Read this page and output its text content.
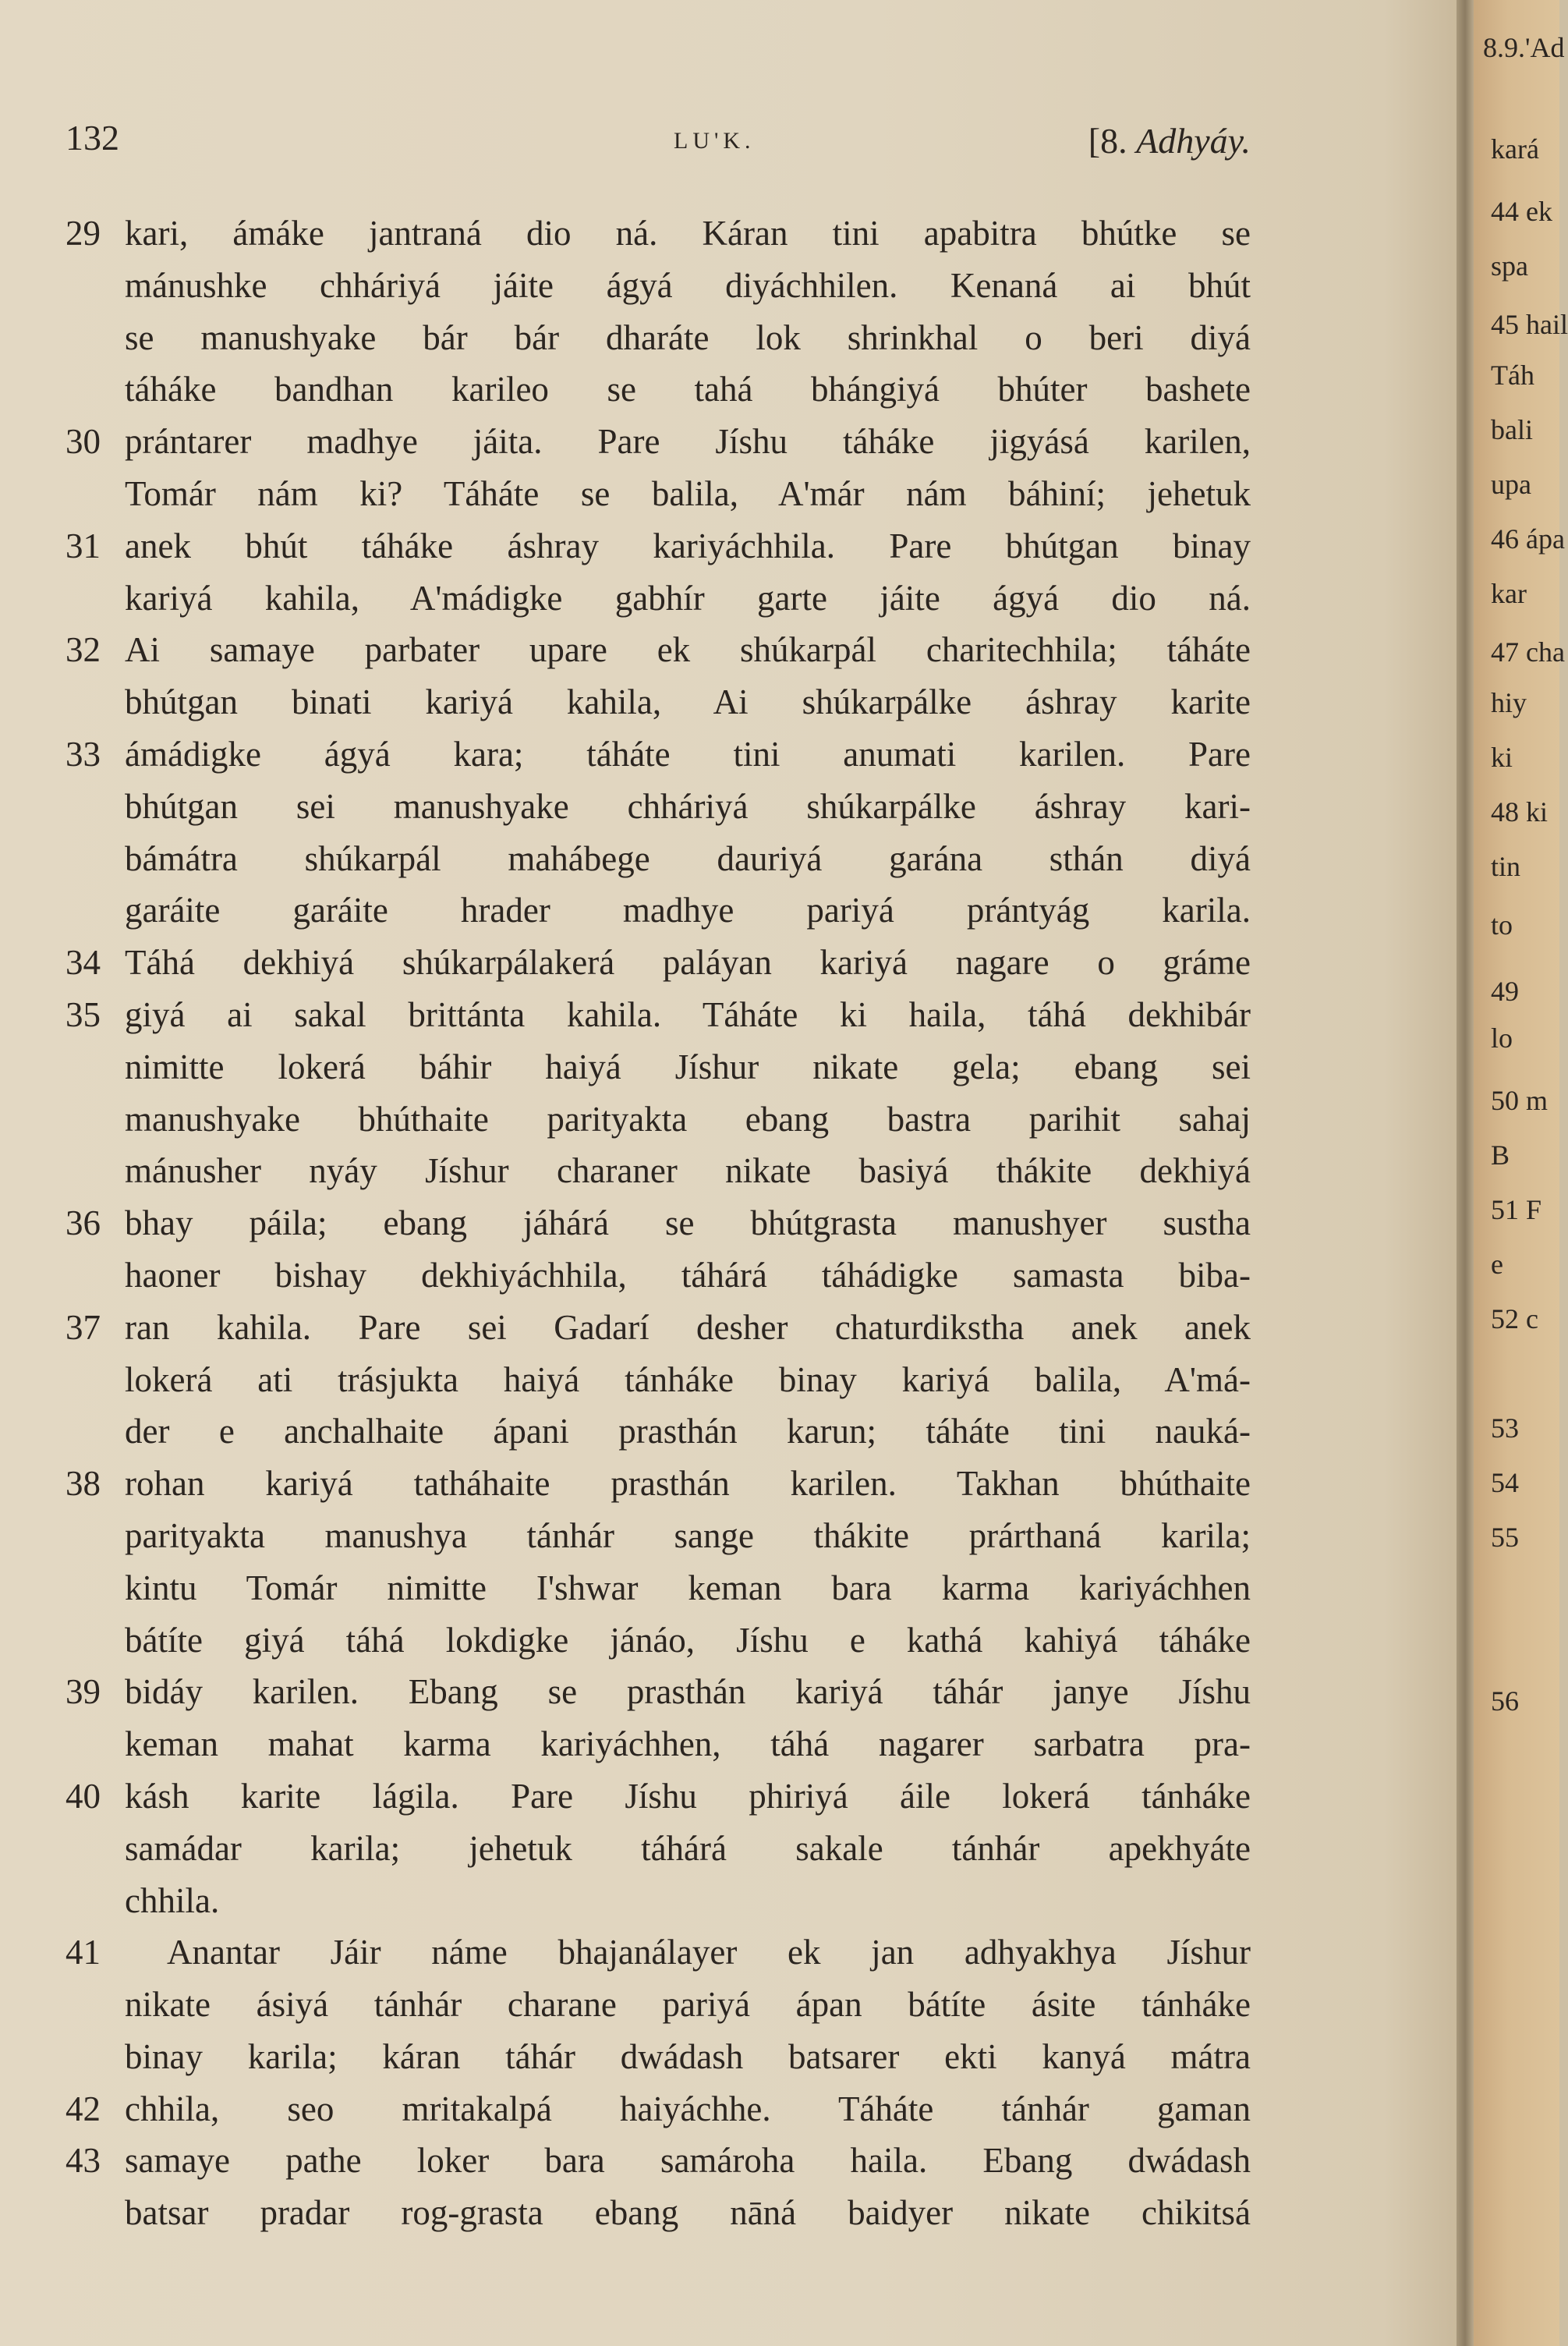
132	LU'K.	[8. Adhyáy.
29 kari, ámáke jantraná dio ná. Káran tini apabitra bhútke se
mánushke chháriyá jáite ágyá diyáchhilen. Kenaná ai bhút
se manushyake bár bár dharáte lok shrinkhal o beri diyá
táháke bandhan karileo se tahá bhángiyá bhúter bashete
30 prántarer madhye jáita. Pare Jíshu táháke jigyásá karilen,
Tomár nám ki? Táháte se balila, A'már nám báhiní; jehetuk
31 anek bhút táháke áshray kariyáchhila. Pare bhútgan binay
kariyá kahila, A'mádigke gabhír garte jáite ágyá dio ná.
32 Ai samaye parbater upare ek shúkarpál charitechhila; táháte
bhútgan binati kariyá kahila, Ai shúkarpálke áshray karite
33 ámádigke ágyá kara; táháte tini anumati karilen. Pare
bhútgan sei manushyake chháriyá shúkarpálke áshray kari-
bámátra shúkarpál mahábege dauriyá garána sthán diyá
garáite garáite hrader madhye pariyá prántyág karila.
34 Táhá dekhiyá shúkarpálakerá paláyan kariyá nagare o gráme
35 giyá ai sakal brittánta kahila. Táháte ki haila, táhá dekhibár
nimitte lokerá báhir haiyá Jíshur nikate gela; ebang sei
manushyake bhúthaite parityakta ebang bastra parihit sahaj
mánusher nyáy Jíshur charaner nikate basiyá thákite dekhiyá
36 bhay páila; ebang jáhárá se bhútgrasta manushyer sustha
haoner bishay dekhiyáchhila, táhárá táhádigke samasta biba-
37 ran kahila. Pare sei Gadarí desher chaturdikstha anek anek
lokerá ati trásjukta haiyá tánháke binay kariyá balila, A'má-
der e anchalhaite ápani prasthán karun; táháte tini nauká-
38 rohan kariyá tatháhaite prasthán karilen. Takhan bhúthaite
parityakta manushya tánhár sange thákite prárthaná karila;
kintu Tomár nimitte I'shwar keman bara karma kariyáchhen
bátíte giyá táhá lokdigke jánáo, Jíshu e kathá kahiyá táháke
39 bidáy karilen. Ebang se prasthán kariyá táhár janye Jíshu
keman mahat karma kariyáchhen, táhá nagarer sarbatra pra-
40 kásh karite lágila. Pare Jíshu phiriyá áile lokerá tánháke
samádar karila; jehetuk táhárá sakale tánhár apekhyáte
chhila.
41	Anantar Jáir náme bhajanálayer ek jan adhyakhya Jíshur
nikate ásiyá tánhár charane pariyá ápan bátíte ásite tánháke
binay karila; káran táhár dwádash batsarer ekti kanyá mátra
42 chhila, seo mritakalpá haiyáchhe. Táháte tánhár gaman
43 samaye pathe loker bara samároha haila. Ebang dwádash
batsar pradar rog-grasta ebang nāná baidyer nikate chikitsá
8.9.'Ad
kará
44 ek
spa
45 hail
Táh
bali
upa
46 ápa
kar
47 cha
hiy
ki
48 ki
tin
to
49
lo
50 m
B
51 F
e
52 c
53
54
55
56
